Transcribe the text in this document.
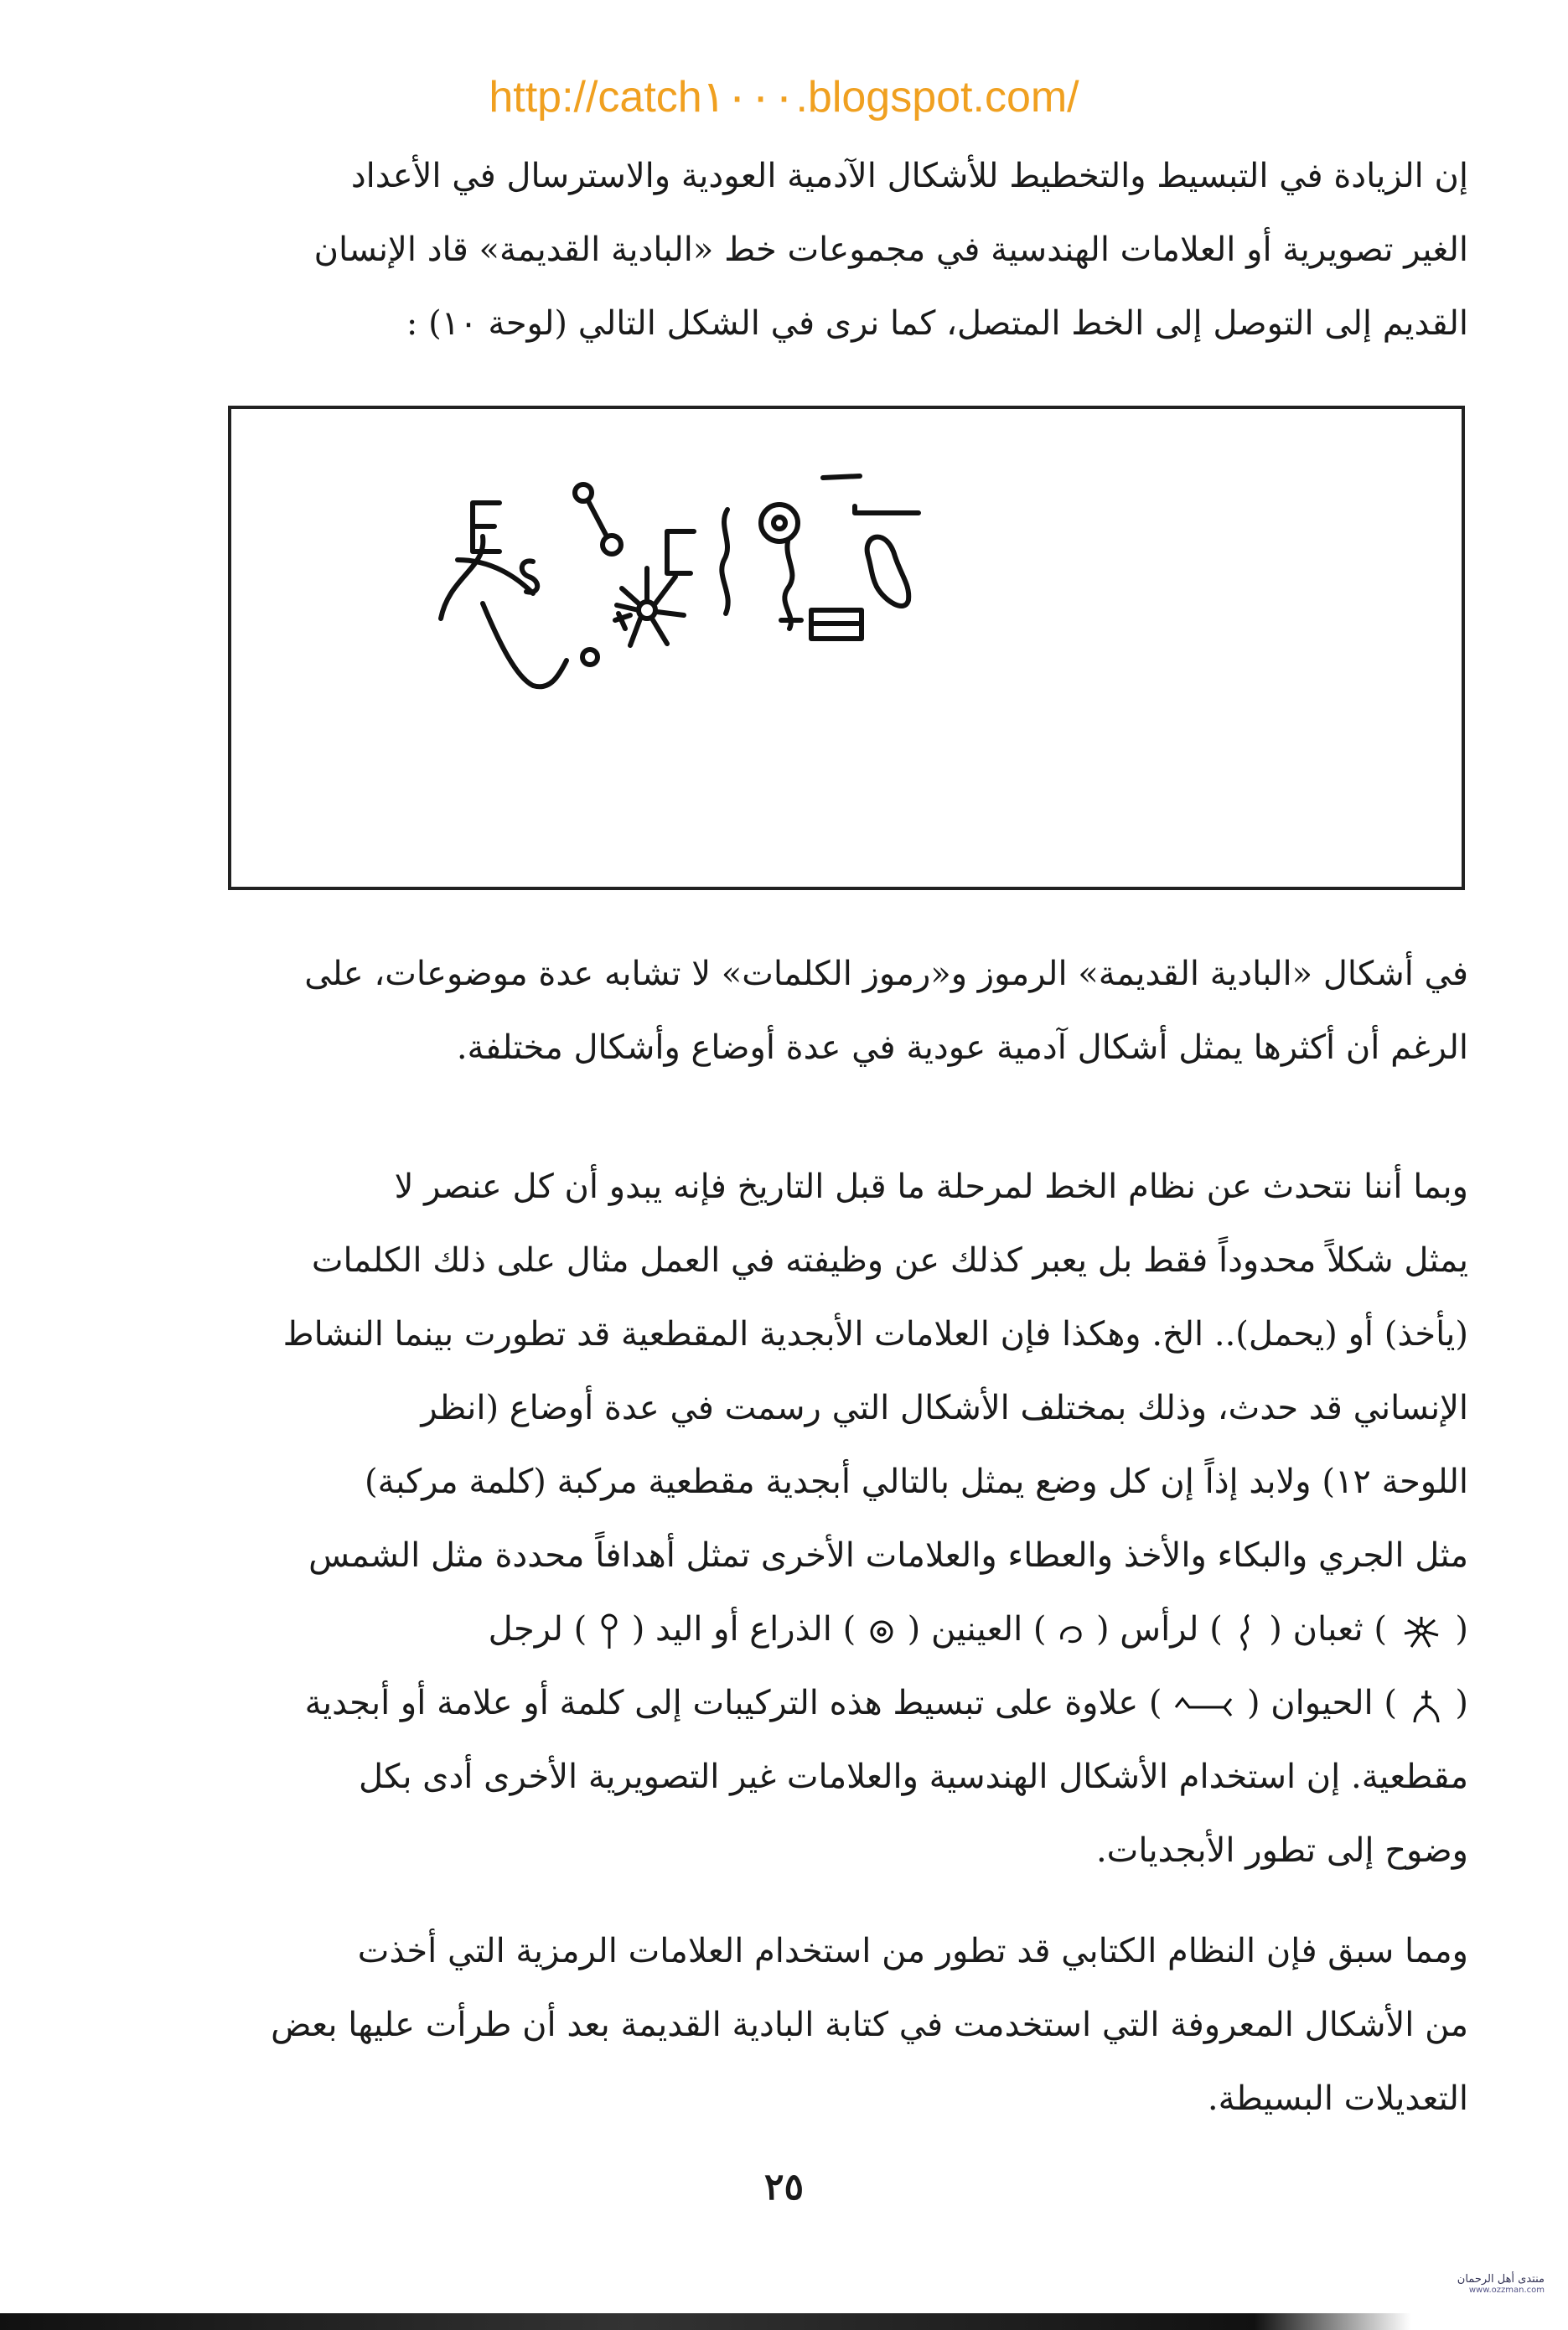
http://catch١٠٠٠.blogspot.com/
إن الزيادة في التبسيط والتخطيط للأشكال الآدمية العودية والاسترسال في الأعداد
الغير تصويرية أو العلامات الهندسية في مجموعات خط «البادية القديمة» قاد الإنسان
القديم إلى التوصل إلى الخط المتصل، كما نرى في الشكل التالي (لوحة ١٠) :
في أشكال «البادية القديمة» الرموز و«رموز الكلمات» لا تشابه عدة موضوعات، على
الرغم أن أكثرها يمثل أشكال آدمية عودية في عدة أوضاع وأشكال مختلفة.
وبما أننا نتحدث عن نظام الخط لمرحلة ما قبل التاريخ فإنه يبدو أن كل عنصر لا
يمثل شكلاً محدوداً فقط بل يعبر كذلك عن وظيفته في العمل مثال على ذلك الكلمات
(يأخذ) أو (يحمل).. الخ. وهكذا فإن العلامات الأبجدية المقطعية قد تطورت بينما النشاط
الإنساني قد حدث، وذلك بمختلف الأشكال التي رسمت في عدة أوضاع (انظر
اللوحة ١٢) ولابد إذاً إن كل وضع يمثل بالتالي أبجدية مقطعية مركبة (كلمة مركبة)
مثل الجري والبكاء والأخذ والعطاء والعلامات الأخرى تمثل أهدافاً محددة مثل الشمس
(  ) ثعبان (  ) لرأس (  ) العينين (  ) الذراع أو اليد (  ) لرجل
(  ) الحيوان (  ) علاوة على تبسيط هذه التركيبات إلى كلمة أو علامة أو أبجدية
مقطعية. إن استخدام الأشكال الهندسية والعلامات غير التصويرية الأخرى أدى بكل
وضوح إلى تطور الأبجديات.
ومما سبق فإن النظام الكتابي قد تطور من استخدام العلامات الرمزية التي أخذت
من الأشكال المعروفة التي استخدمت في كتابة البادية القديمة بعد أن طرأت عليها بعض
التعديلات البسيطة.
٢٥
منتدى أهل الرحمان
www.ozzman.com
